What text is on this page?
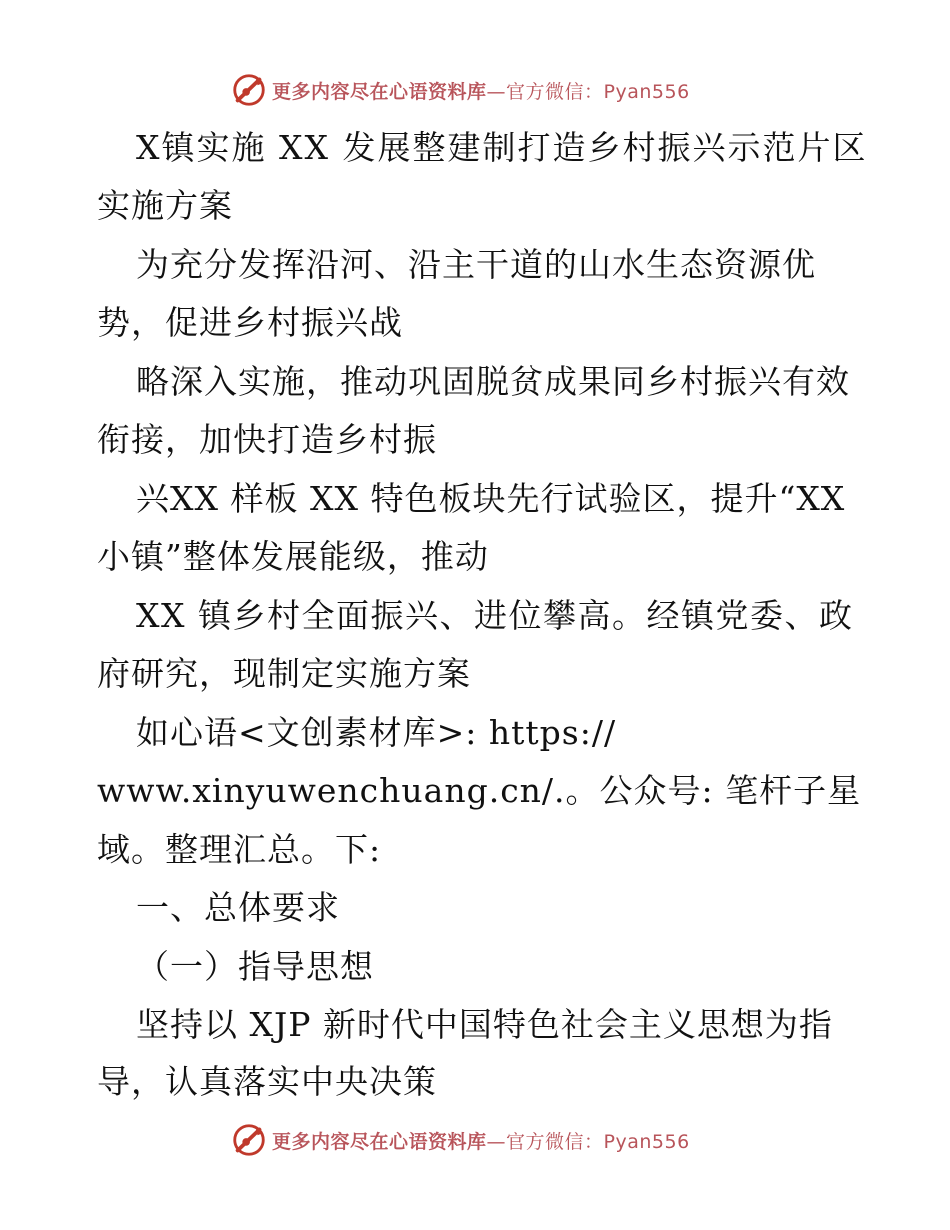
更多内容尽在心语资料库—官方微信：Pyan556
X镇实施 XX 发展整建制打造乡村振兴示范片区
实施方案
为充分发挥沿河、沿主干道的山水生态资源优
势，促进乡村振兴战
略深入实施，推动巩固脱贫成果同乡村振兴有效
衔接，加快打造乡村振
兴XX 样板 XX 特色板块先行试验区，提升“XX
小镇”整体发展能级，推动
XX 镇乡村全面振兴、进位攀高。经镇党委、政
府研究，现制定实施方案
如心语<文创素材库>: https://
www.xinyuwenchuang.cn/.。公众号: 笔杆子星
域。整理汇总。下:
一、总体要求
（一）指导思想
坚持以 XJP 新时代中国特色社会主义思想为指
导，认真落实中央决策
更多内容尽在心语资料库—官方微信：Pyan556
